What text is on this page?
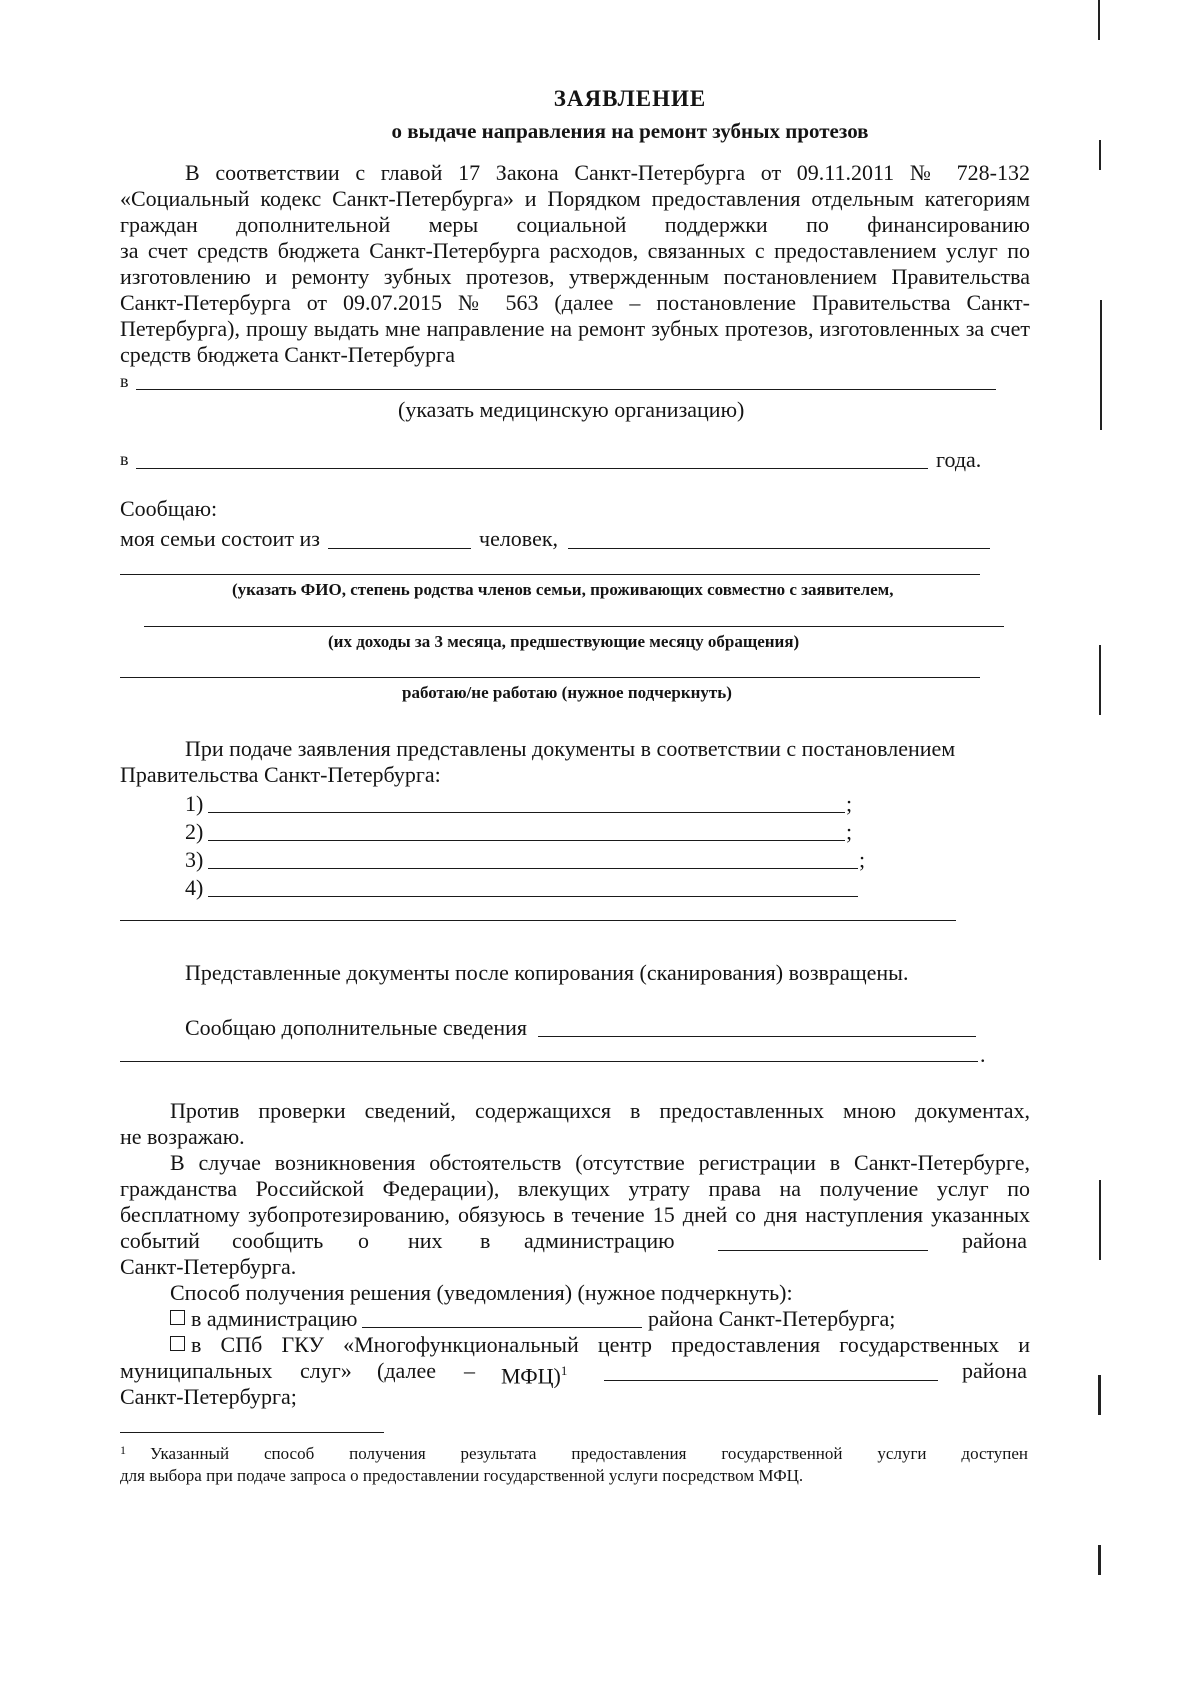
ЗАЯВЛЕНИЕ
о выдаче направления на ремонт зубных протезов
В соответствии с главой 17 Закона Санкт-Петербурга от 09.11.2011 № 728-132
«Социальный кодекс Санкт-Петербурга» и Порядком предоставления отдельным категориям
граждан дополнительной меры социальной поддержки по финансированию
за счет средств бюджета Санкт-Петербурга расходов, связанных с предоставлением услуг по
изготовлению и ремонту зубных протезов, утвержденным постановлением Правительства
Санкт-Петербурга от 09.07.2015 № 563 (далее – постановление Правительства Санкт-
Петербурга), прошу выдать мне направление на ремонт зубных протезов, изготовленных за счет
средств бюджета Санкт-Петербурга
в
(указать медицинскую организацию)
в	года.
Сообщаю:
моя семьи состоит из	человек,
(указать ФИО, степень родства членов семьи, проживающих совместно с заявителем,
(их доходы за 3 месяца, предшествующие месяцу обращения)
работаю/не работаю (нужное подчеркнуть)
При подаче заявления представлены документы в соответствии с постановлением
Правительства Санкт-Петербурга:
1)	;
2)	;
3)	;
4)
Представленные документы после копирования (сканирования) возвращены.
Сообщаю дополнительные сведения
.
Против проверки сведений, содержащихся в предоставленных мною документах,
не возражаю.
В случае возникновения обстоятельств (отсутствие регистрации в Санкт-Петербурге,
гражданства Российской Федерации), влекущих утрату права на получение услуг по
бесплатному зубопротезированию, обязуюсь в течение 15 дней со дня наступления указанных
событий сообщить о них в администрацию	района
Санкт-Петербурга.
Способ получения решения (уведомления) (нужное подчеркнуть):
в администрацию	района Санкт-Петербурга;
в СПб ГКУ «Многофункциональный центр предоставления государственных и
муниципальных слуг» (далее – МФЦ)$^1$	района
Санкт-Петербурга;
1 Указанный способ получения результата предоставления государственной услуги доступен
для выбора при подаче запроса о предоставлении государственной услуги посредством МФЦ.
